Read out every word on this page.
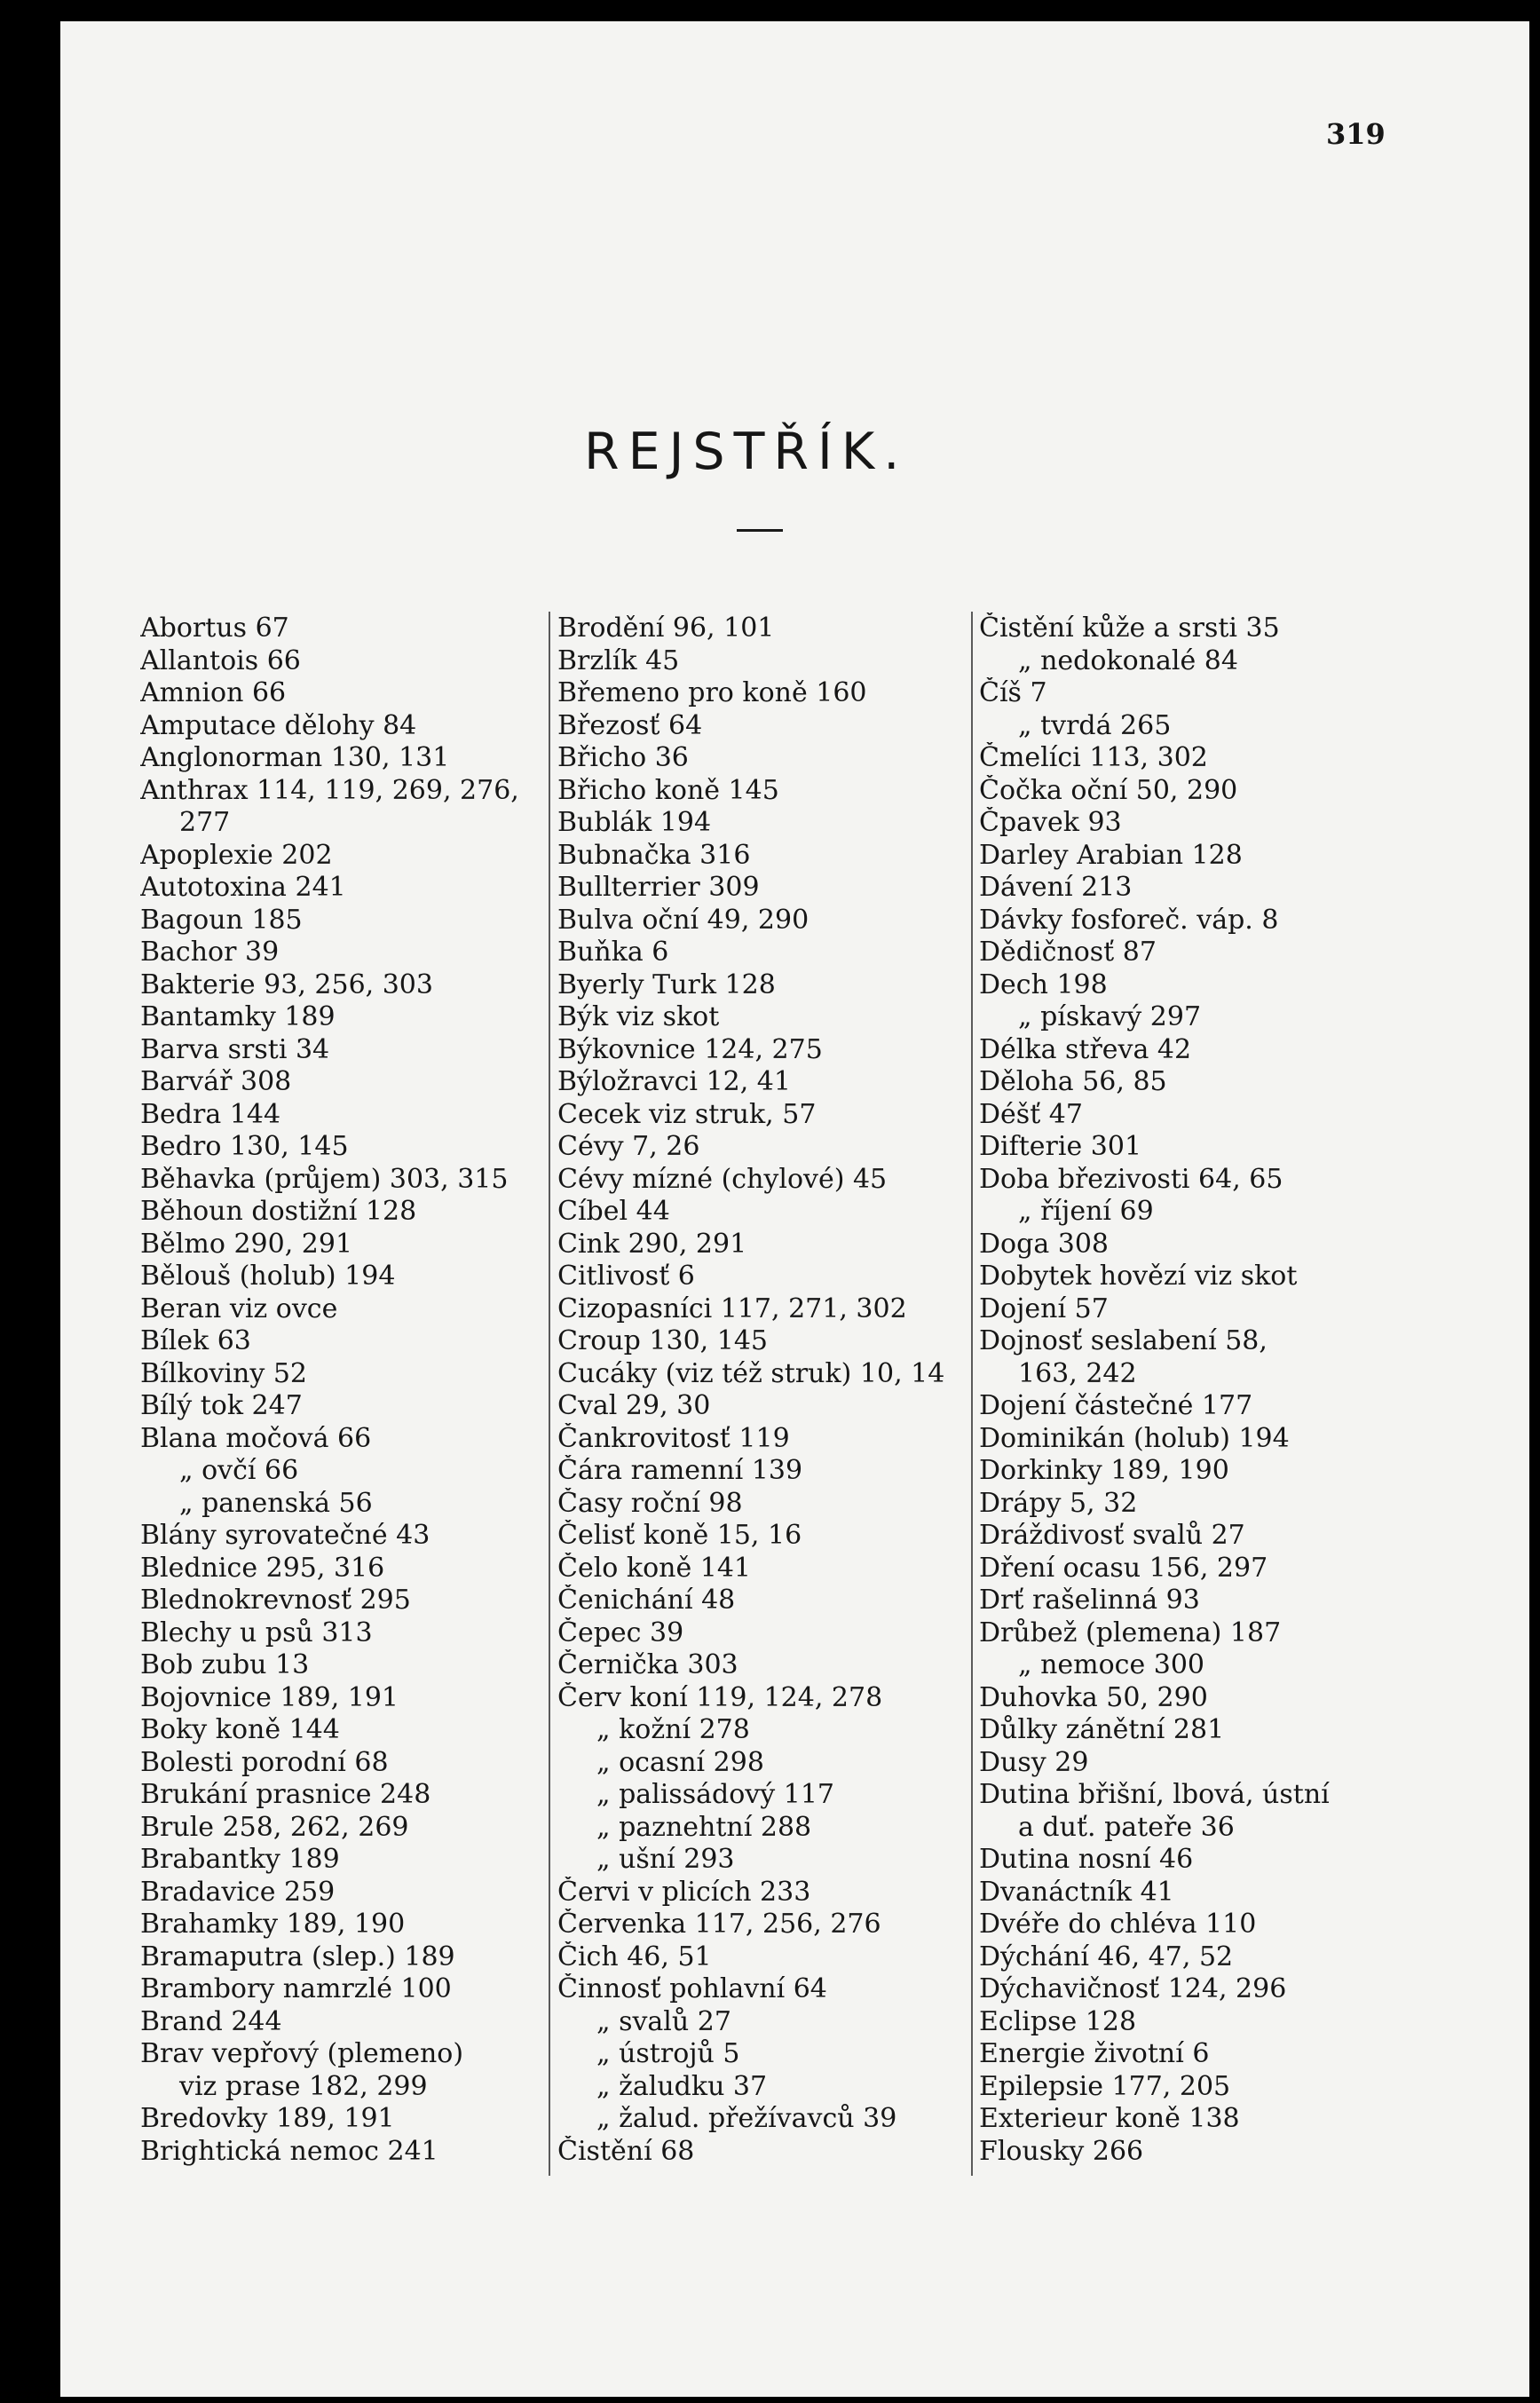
319
REJSTŘÍK.
Abortus 67
Allantois 66
Amnion 66
Amputace dělohy 84
Anglonorman 130, 131
Anthrax 114, 119, 269, 276,
277
Apoplexie 202
Autotoxina 241
Bagoun 185
Bachor 39
Bakterie 93, 256, 303
Bantamky 189
Barva srsti 34
Barvář 308
Bedra 144
Bedro 130, 145
Běhavka (průjem) 303, 315
Běhoun dostižní 128
Bělmo 290, 291
Bělouš (holub) 194
Beran viz ovce
Bílek 63
Bílkoviny 52
Bílý tok 247
Blana močová 66
„ ovčí 66
„ panenská 56
Blány syrovatečné 43
Blednice 295, 316
Blednokrevnosť 295
Blechy u psů 313
Bob zubu 13
Bojovnice 189, 191
Boky koně 144
Bolesti porodní 68
Brukání prasnice 248
Brule 258, 262, 269
Brabantky 189
Bradavice 259
Brahamky 189, 190
Bramaputra (slep.) 189
Brambory namrzlé 100
Brand 244
Brav vepřový (plemeno)
viz prase 182, 299
Bredovky 189, 191
Brightická nemoc 241
Brodění 96, 101
Brzlík 45
Břemeno pro koně 160
Březosť 64
Břicho 36
Břicho koně 145
Bublák 194
Bubnačka 316
Bullterrier 309
Bulva oční 49, 290
Buňka 6
Byerly Turk 128
Býk viz skot
Býkovnice 124, 275
Býložravci 12, 41
Cecek viz struk, 57
Cévy 7, 26
Cévy mízné (chylové) 45
Cíbel 44
Cink 290, 291
Citlivosť 6
Cizopasníci 117, 271, 302
Croup 130, 145
Cucáky (viz též struk) 10, 14
Cval 29, 30
Čankrovitosť 119
Čára ramenní 139
Časy roční 98
Čelisť koně 15, 16
Čelo koně 141
Čenichání 48
Čepec 39
Černička 303
Červ koní 119, 124, 278
„ kožní 278
„ ocasní 298
„ palissádový 117
„ paznehtní 288
„ ušní 293
Červi v plicích 233
Červenka 117, 256, 276
Čich 46, 51
Činnosť pohlavní 64
„ svalů 27
„ ústrojů 5
„ žaludku 37
„ žalud. přežívavců 39
Čistění 68
Čistění kůže a srsti 35
„ nedokonalé 84
Číš 7
„ tvrdá 265
Čmelíci 113, 302
Čočka oční 50, 290
Čpavek 93
Darley Arabian 128
Dávení 213
Dávky fosforeč. váp. 8
Dědičnosť 87
Dech 198
„ pískavý 297
Délka střeva 42
Děloha 56, 85
Déšť 47
Difterie 301
Doba březivosti 64, 65
„ říjení 69
Doga 308
Dobytek hovězí viz skot
Dojení 57
Dojnosť seslabení 58,
163, 242
Dojení částečné 177
Dominikán (holub) 194
Dorkinky 189, 190
Drápy 5, 32
Dráždivosť svalů 27
Dření ocasu 156, 297
Drť rašelinná 93
Drůbež (plemena) 187
„ nemoce 300
Duhovka 50, 290
Důlky zánětní 281
Dusy 29
Dutina břišní, lbová, ústní
a duť. pateře 36
Dutina nosní 46
Dvanáctník 41
Dvéře do chléva 110
Dýchání 46, 47, 52
Dýchavičnosť 124, 296
Eclipse 128
Energie životní 6
Epilepsie 177, 205
Exterieur koně 138
Flousky 266
